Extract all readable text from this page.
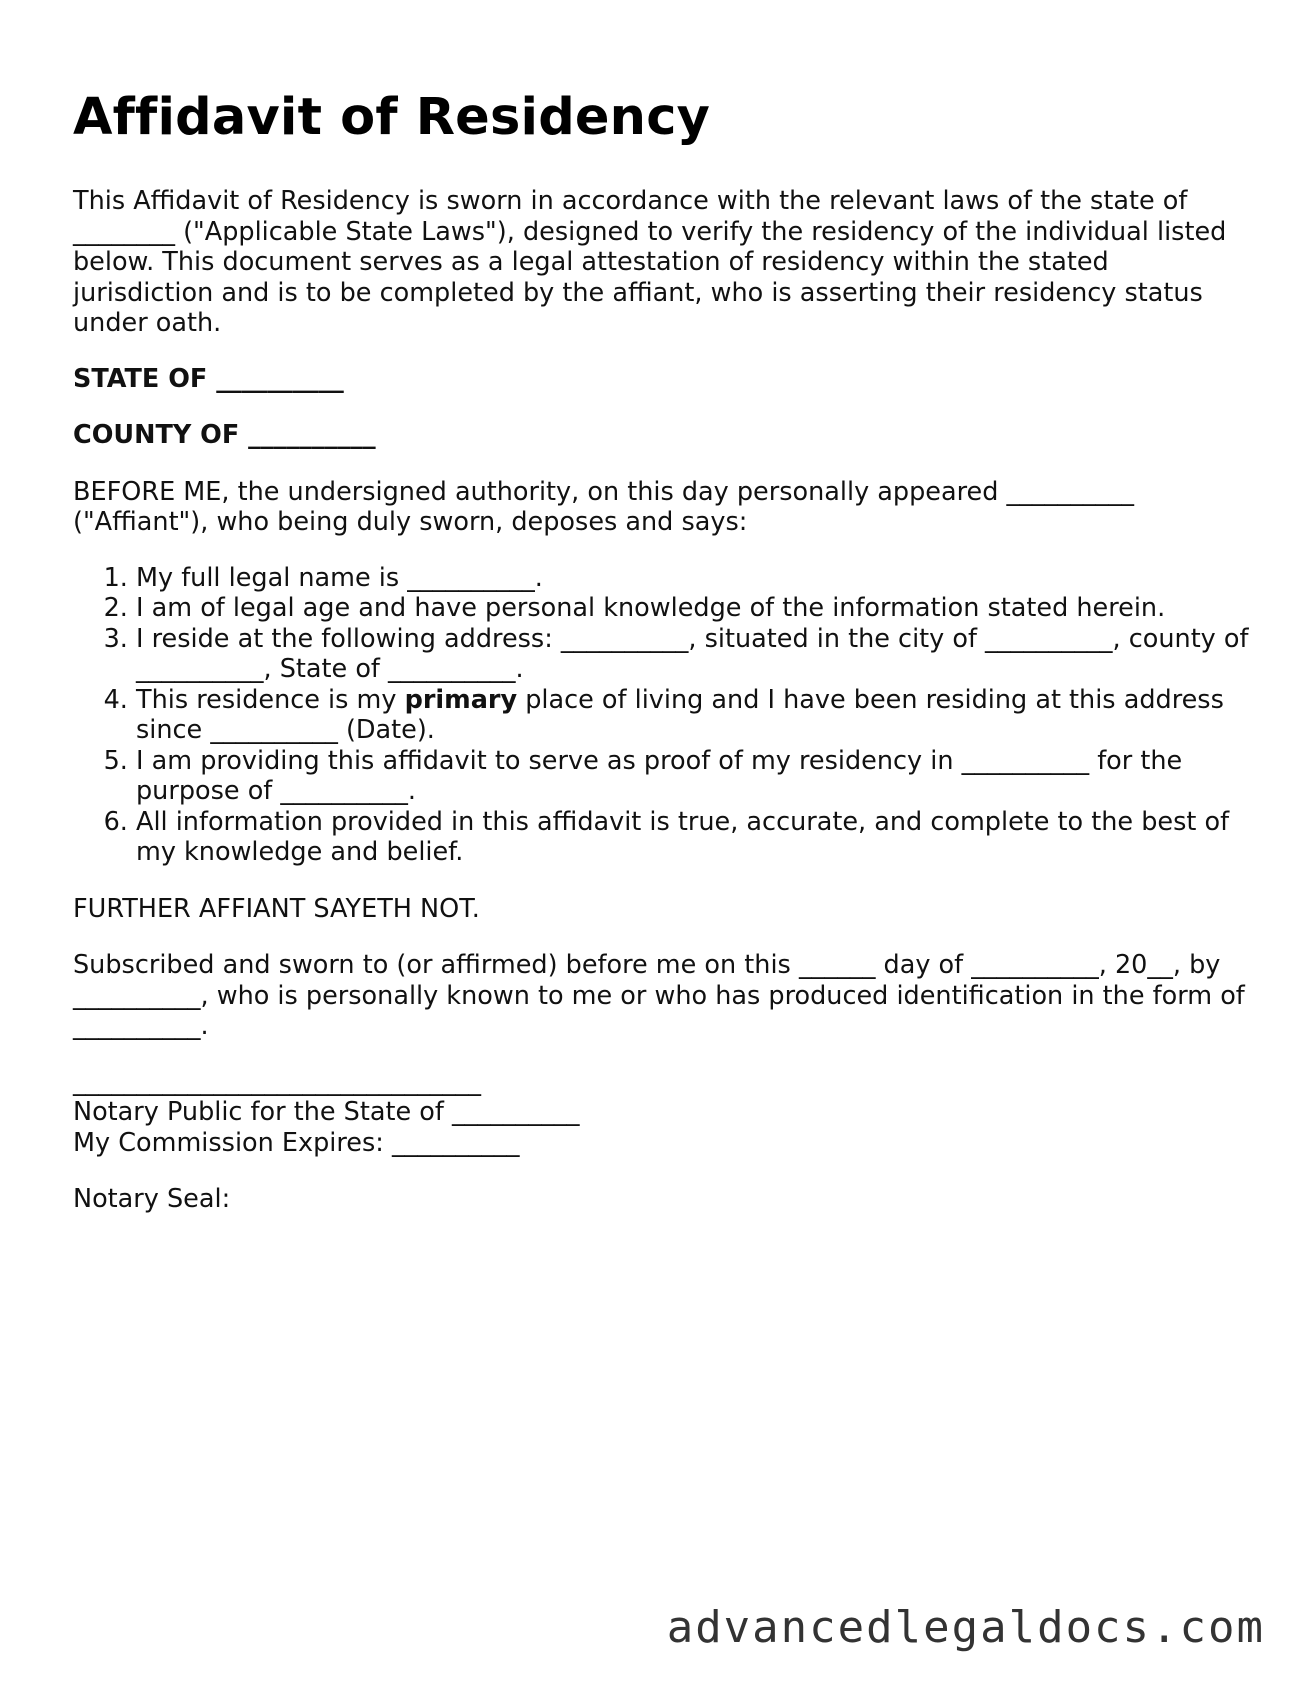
Affidavit of Residency

This Affidavit of Residency is sworn in accordance with the relevant laws of the state of ________ ("Applicable State Laws"), designed to verify the residency of the individual listed below. This document serves as a legal attestation of residency within the stated jurisdiction and is to be completed by the affiant, who is asserting their residency status under oath.

STATE OF __________

COUNTY OF __________

BEFORE ME, the undersigned authority, on this day personally appeared __________ ("Affiant"), who being duly sworn, deposes and says:

1. My full legal name is __________.
2. I am of legal age and have personal knowledge of the information stated herein.
3. I reside at the following address: __________, situated in the city of __________, county of __________, State of __________.
4. This residence is my primary place of living and I have been residing at this address since __________ (Date).
5. I am providing this affidavit to serve as proof of my residency in __________ for the purpose of __________.
6. All information provided in this affidavit is true, accurate, and complete to the best of my knowledge and belief.

FURTHER AFFIANT SAYETH NOT.

Subscribed and sworn to (or affirmed) before me on this ______ day of __________, 20__, by __________, who is personally known to me or who has produced identification in the form of __________.

________________________________

Notary Public for the State of __________

My Commission Expires: __________

Notary Seal:

advancedlegaldocs.com
